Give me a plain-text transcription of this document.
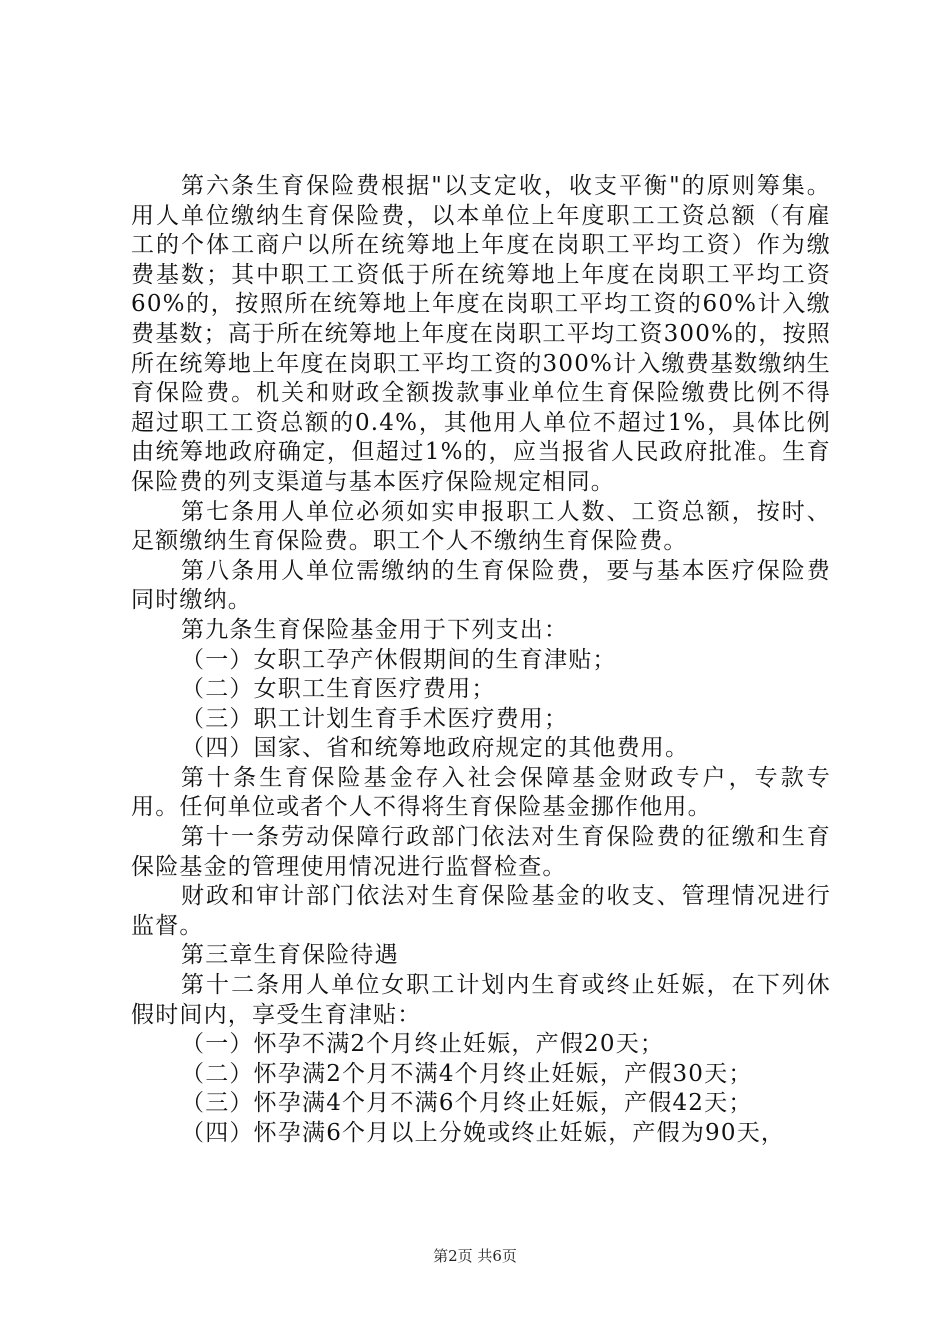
第六条生育保险费根据"以支定收，收支平衡"的原则筹集。用人单位缴纳生育保险费，以本单位上年度职工工资总额（有雇工的个体工商户以所在统筹地上年度在岗职工平均工资）作为缴费基数；其中职工工资低于所在统筹地上年度在岗职工平均工资60%的，按照所在统筹地上年度在岗职工平均工资的60%计入缴费基数；高于所在统筹地上年度在岗职工平均工资300%的，按照所在统筹地上年度在岗职工平均工资的300%计入缴费基数缴纳生育保险费。机关和财政全额拨款事业单位生育保险缴费比例不得超过职工工资总额的0.4%，其他用人单位不超过1%，具体比例由统筹地政府确定，但超过1%的，应当报省人民政府批准。生育保险费的列支渠道与基本医疗保险规定相同。

第七条用人单位必须如实申报职工人数、工资总额，按时、足额缴纳生育保险费。职工个人不缴纳生育保险费。

第八条用人单位需缴纳的生育保险费，要与基本医疗保险费同时缴纳。

第九条生育保险基金用于下列支出：

（一）女职工孕产休假期间的生育津贴；

（二）女职工生育医疗费用；

（三）职工计划生育手术医疗费用；

（四）国家、省和统筹地政府规定的其他费用。

第十条生育保险基金存入社会保障基金财政专户，专款专用。任何单位或者个人不得将生育保险基金挪作他用。

第十一条劳动保障行政部门依法对生育保险费的征缴和生育保险基金的管理使用情况进行监督检查。

财政和审计部门依法对生育保险基金的收支、管理情况进行监督。

第三章生育保险待遇

第十二条用人单位女职工计划内生育或终止妊娠，在下列休假时间内，享受生育津贴：

（一）怀孕不满2个月终止妊娠，产假20天；

（二）怀孕满2个月不满4个月终止妊娠，产假30天；

（三）怀孕满4个月不满6个月终止妊娠，产假42天；

（四）怀孕满6个月以上分娩或终止妊娠，产假为90天，

第2页 共6页
